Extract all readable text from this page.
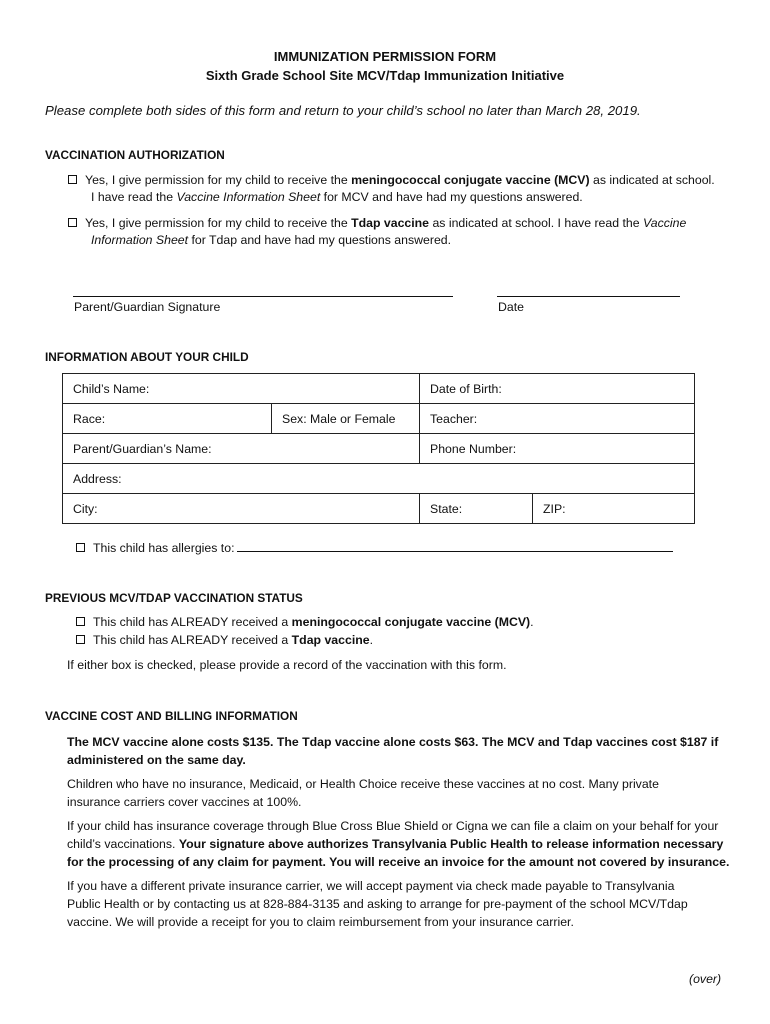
IMMUNIZATION PERMISSION FORM
Sixth Grade School Site MCV/Tdap Immunization Initiative
Please complete both sides of this form and return to your child’s school no later than March 28, 2019.
VACCINATION AUTHORIZATION
Yes, I give permission for my child to receive the meningococcal conjugate vaccine (MCV) as indicated at school.
I have read the Vaccine Information Sheet for MCV and have had my questions answered.
Yes, I give permission for my child to receive the Tdap vaccine as indicated at school. I have read the Vaccine
Information Sheet for Tdap and have had my questions answered.
Parent/Guardian Signature	Date
INFORMATION ABOUT YOUR CHILD
Child’s Name:		Date of Birth:	
Race:	Sex: Male or Female	Teacher:	
Parent/Guardian’s Name:		Phone Number:	
Address:			
City:		State:	ZIP:
This child has allergies to:
PREVIOUS MCV/TDAP VACCINATION STATUS
This child has ALREADY received a meningococcal conjugate vaccine (MCV).
This child has ALREADY received a Tdap vaccine.
If either box is checked, please provide a record of the vaccination with this form.
VACCINE COST AND BILLING INFORMATION
The MCV vaccine alone costs $135. The Tdap vaccine alone costs $63. The MCV and Tdap vaccines cost $187 if
administered on the same day.
Children who have no insurance, Medicaid, or Health Choice receive these vaccines at no cost. Many private
insurance carriers cover vaccines at 100%.
If your child has insurance coverage through Blue Cross Blue Shield or Cigna we can file a claim on your behalf for your
child’s vaccinations. Your signature above authorizes Transylvania Public Health to release information necessary
for the processing of any claim for payment. You will receive an invoice for the amount not covered by insurance.
If you have a different private insurance carrier, we will accept payment via check made payable to Transylvania
Public Health or by contacting us at 828-884-3135 and asking to arrange for pre-payment of the school MCV/Tdap
vaccine. We will provide a receipt for you to claim reimbursement from your insurance carrier.
(over)
